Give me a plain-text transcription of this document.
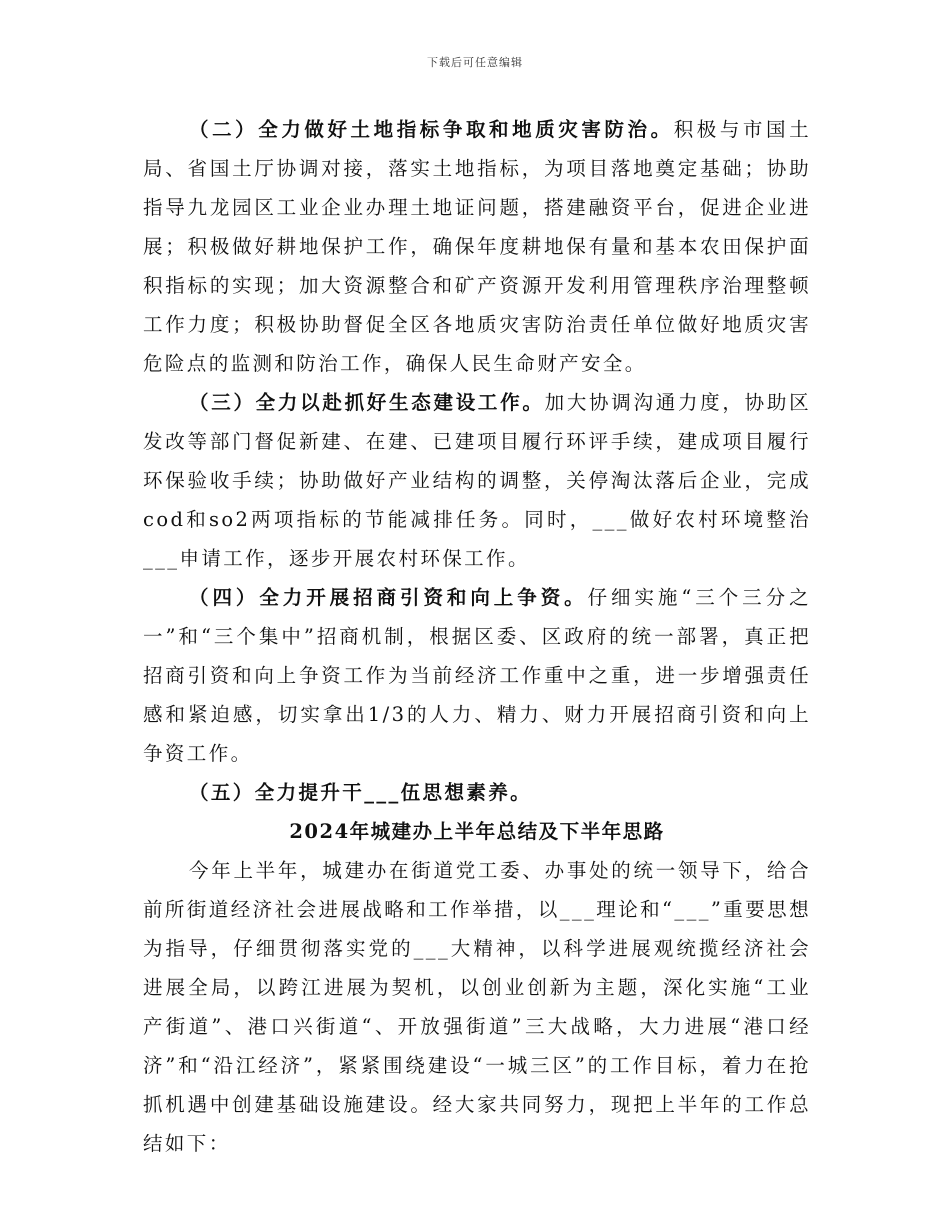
下载后可任意编辑

（二）全力做好土地指标争取和地质灾害防治。积极与市国土局、省国土厅协调对接，落实土地指标，为项目落地奠定基础；协助指导九龙园区工业企业办理土地证问题，搭建融资平台，促进企业进展；积极做好耕地保护工作，确保年度耕地保有量和基本农田保护面积指标的实现；加大资源整合和矿产资源开发利用管理秩序治理整顿工作力度；积极协助督促全区各地质灾害防治责任单位做好地质灾害危险点的监测和防治工作，确保人民生命财产安全。

（三）全力以赴抓好生态建设工作。加大协调沟通力度，协助区发改等部门督促新建、在建、已建项目履行环评手续，建成项目履行环保验收手续；协助做好产业结构的调整，关停淘汰落后企业，完成cod和so2两项指标的节能减排任务。同时，___做好农村环境整治___申请工作，逐步开展农村环保工作。

（四）全力开展招商引资和向上争资。仔细实施“三个三分之一”和“三个集中”招商机制，根据区委、区政府的统一部署，真正把招商引资和向上争资工作为当前经济工作重中之重，进一步增强责任感和紧迫感，切实拿出1/3的人力、精力、财力开展招商引资和向上争资工作。

（五）全力提升干___伍思想素养。

2024年城建办上半年总结及下半年思路

今年上半年，城建办在街道党工委、办事处的统一领导下，给合前所街道经济社会进展战略和工作举措，以___理论和“___”重要思想为指导，仔细贯彻落实党的___大精神，以科学进展观统揽经济社会进展全局，以跨江进展为契机，以创业创新为主题，深化实施“工业产街道”、港口兴街道“、开放强街道”三大战略，大力进展“港口经济”和“沿江经济”，紧紧围绕建设“一城三区”的工作目标，着力在抢抓机遇中创建基础设施建设。经大家共同努力，现把上半年的工作总结如下：
